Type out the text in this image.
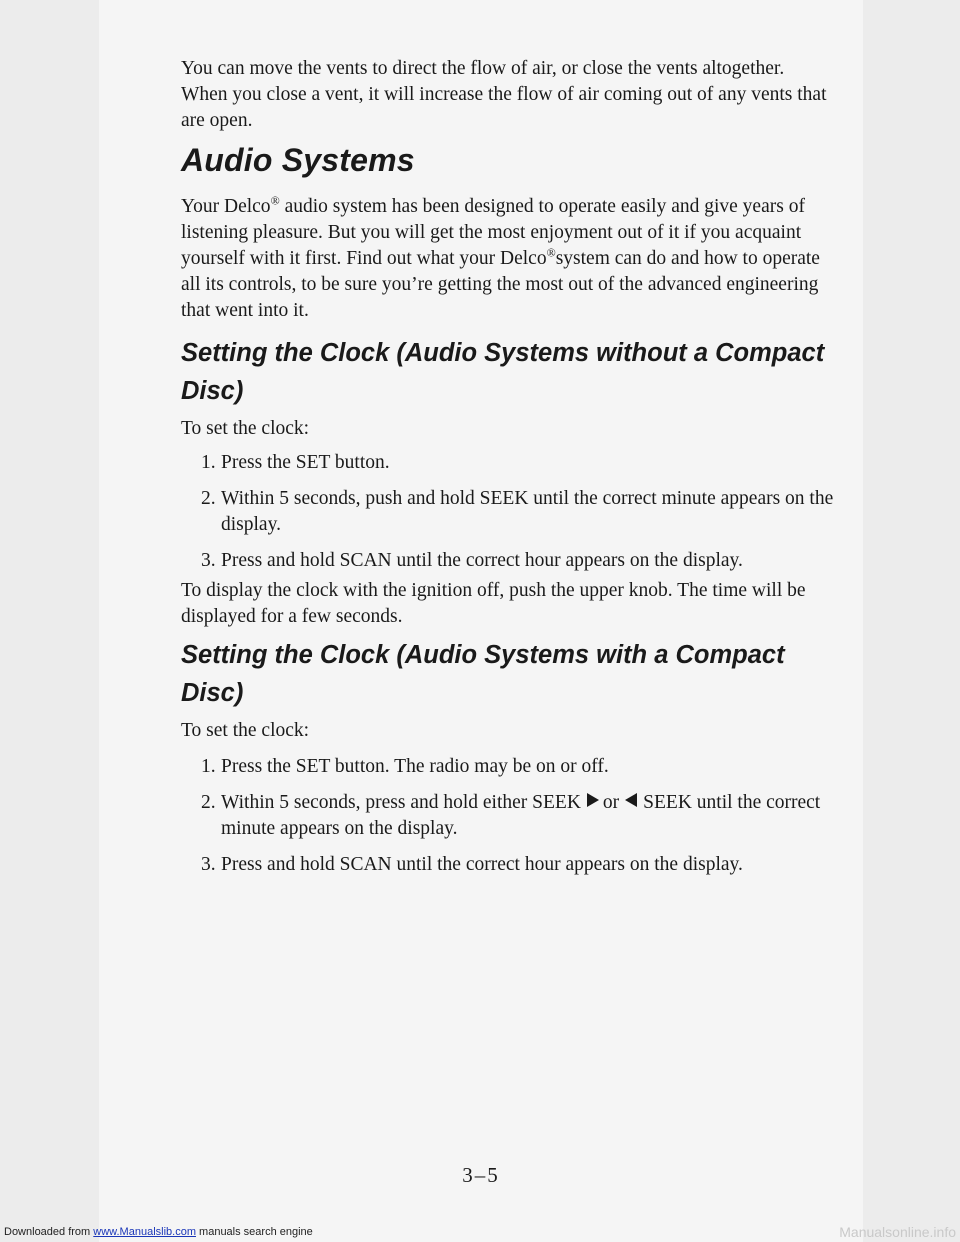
You can move the vents to direct the flow of air, or close the vents altogether. When you close a vent, it will increase the flow of air coming out of any vents that are open.

Audio Systems

Your Delco® audio system has been designed to operate easily and give years of listening pleasure. But you will get the most enjoyment out of it if you acquaint yourself with it first. Find out what your Delco®system can do and how to operate all its controls, to be sure you’re getting the most out of the advanced engineering that went into it.

Setting the Clock (Audio Systems without a Compact Disc)

To set the clock:

1. Press the SET button.
2. Within 5 seconds, push and hold SEEK until the correct minute appears on the display.
3. Press and hold SCAN until the correct hour appears on the display.

To display the clock with the ignition off, push the upper knob. The time will be displayed for a few seconds.

Setting the Clock (Audio Systems with a Compact Disc)

To set the clock:

1. Press the SET button. The radio may be on or off.
2. Within 5 seconds, press and hold either SEEK or SEEK until the correct minute appears on the display.
3. Press and hold SCAN until the correct hour appears on the display.
3–5
Downloaded from www.Manualslib.com manuals search engine	Manualsonline.info
